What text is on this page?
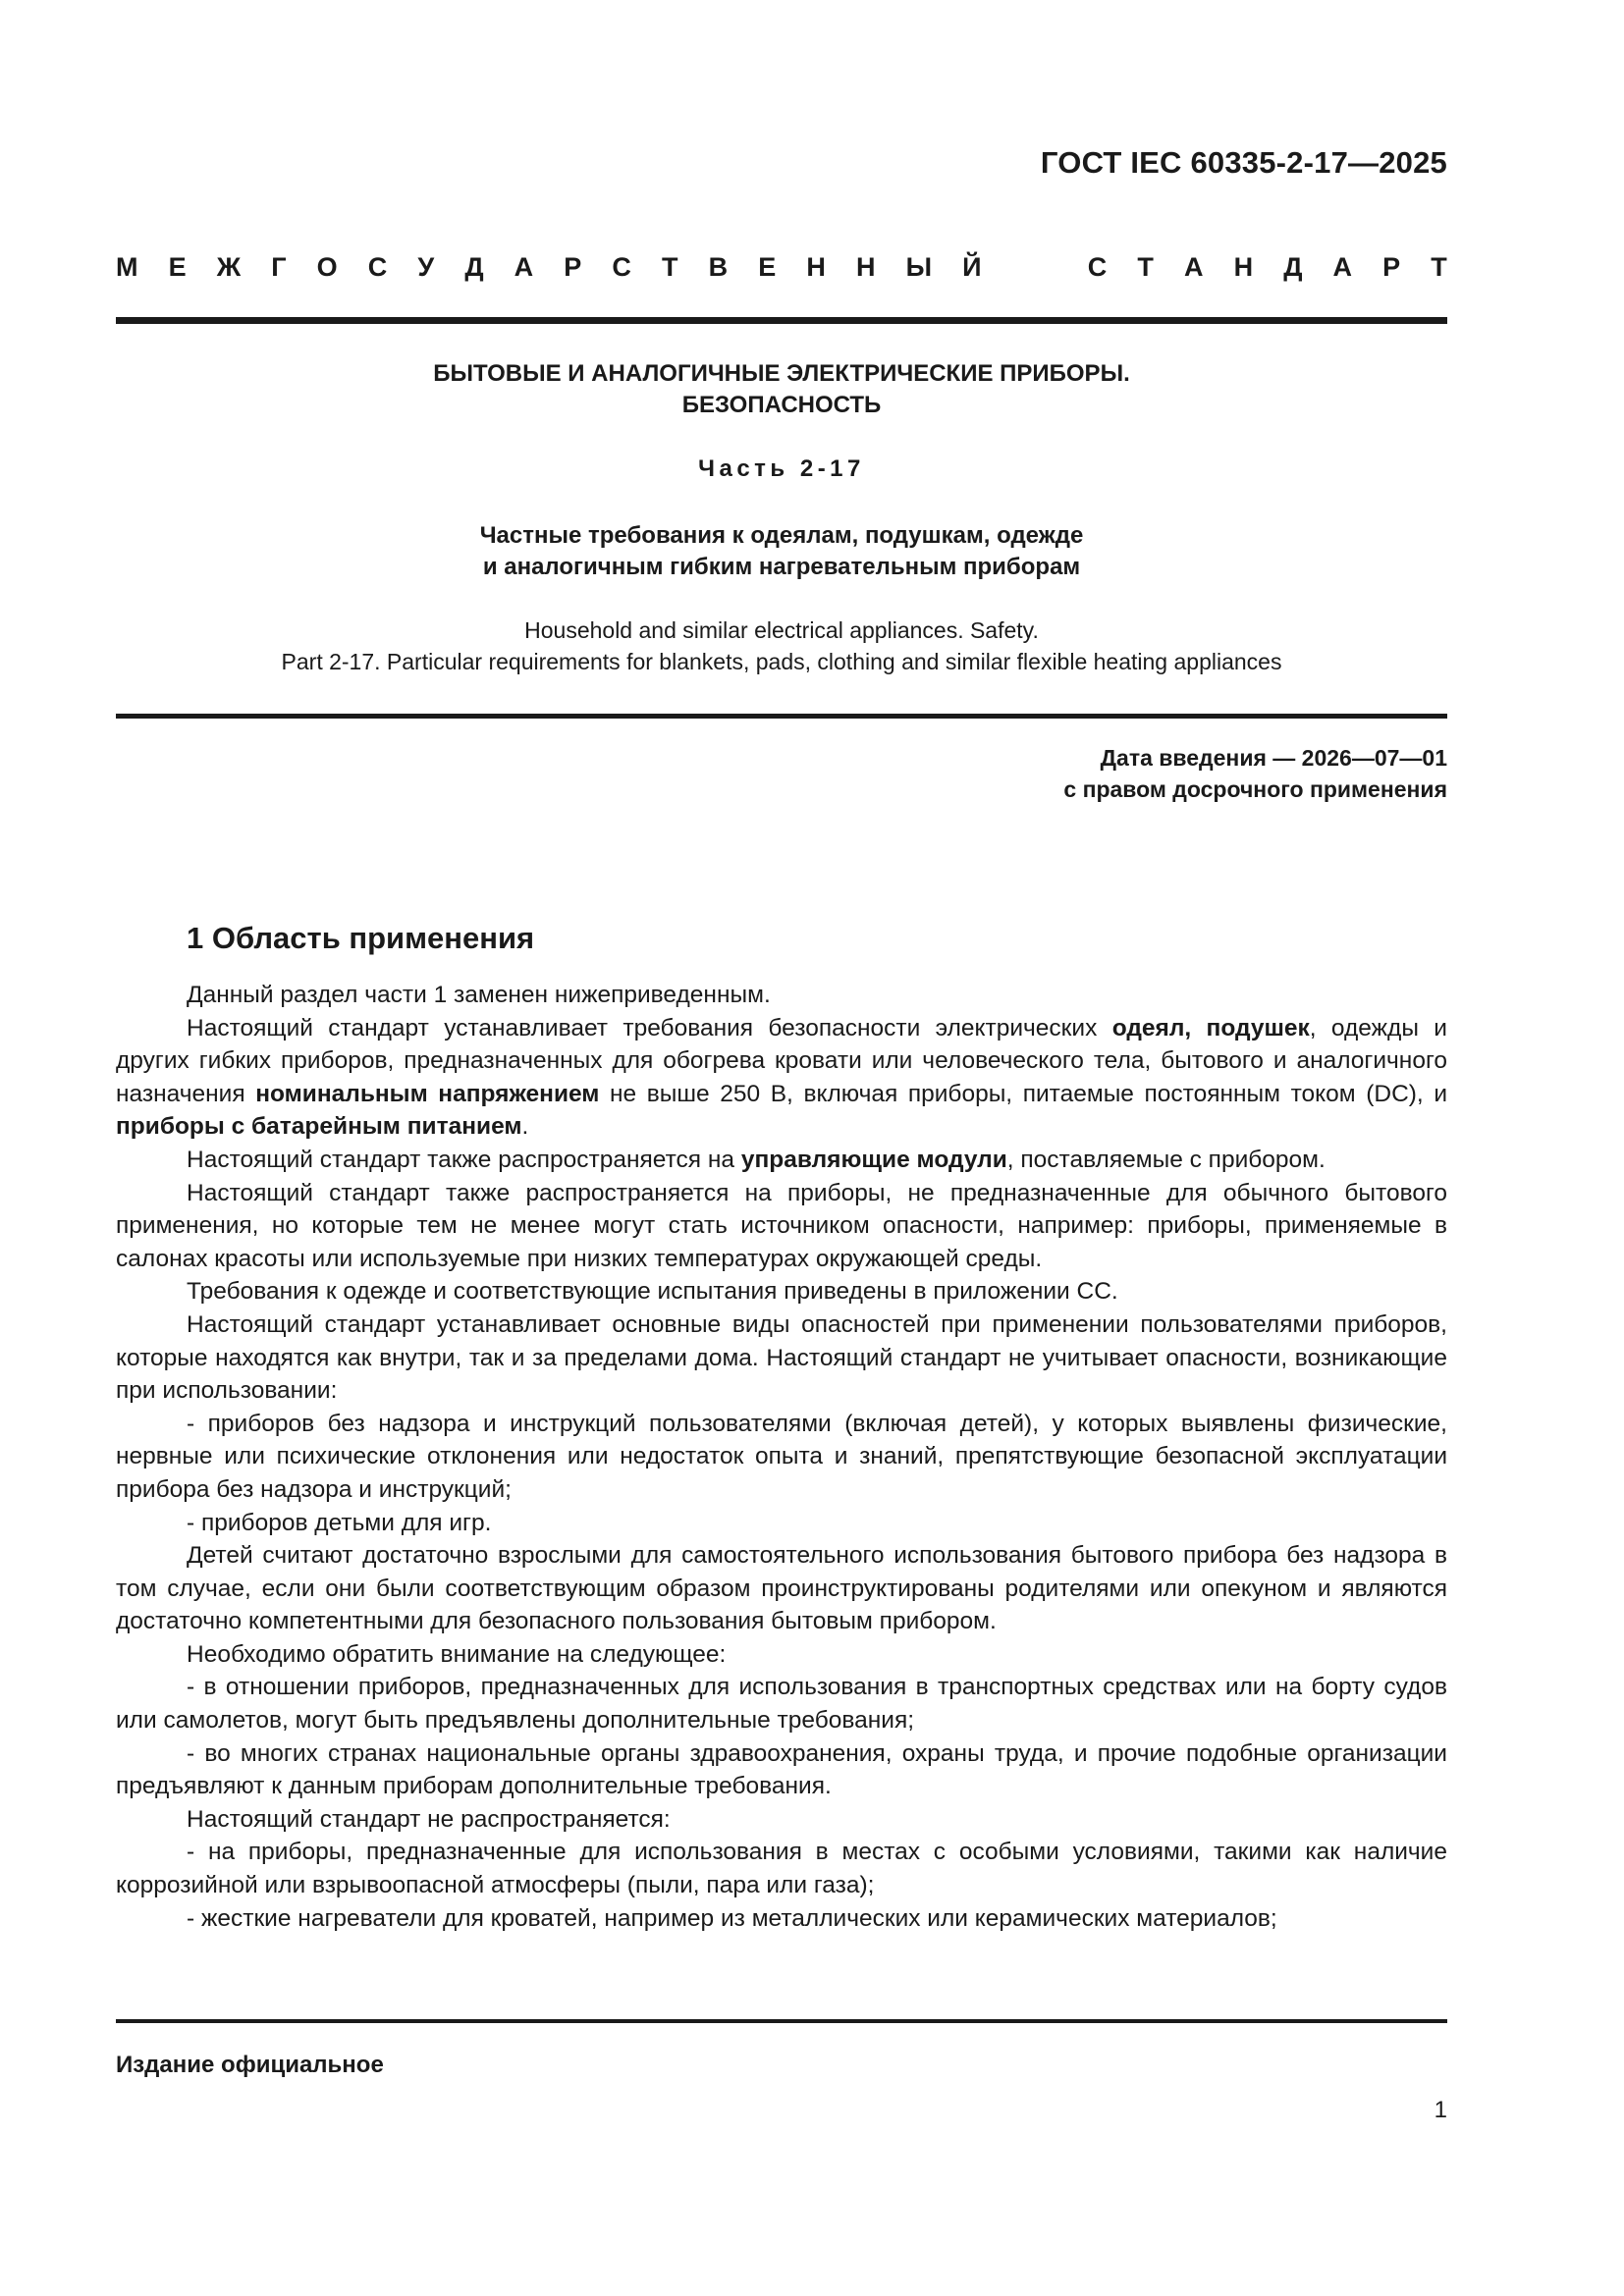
ГОСТ IEC 60335-2-17—2025
М Е Ж Г О С У Д А Р С Т В Е Н Н Ы Й	С Т А Н Д А Р Т
БЫТОВЫЕ И АНАЛОГИЧНЫЕ ЭЛЕКТРИЧЕСКИЕ ПРИБОРЫ.
БЕЗОПАСНОСТЬ
Часть 2-17
Частные требования к одеялам, подушкам, одежде
и аналогичным гибким нагревательным приборам
Household and similar electrical appliances. Safety.
Part 2-17. Particular requirements for blankets, pads, clothing and similar flexible heating appliances
Дата введения — 2026—07—01
с правом досрочного применения
1 Область применения

Данный раздел части 1 заменен нижеприведенным.

Настоящий стандарт устанавливает требования безопасности электрических одеял, подушек, одежды и других гибких приборов, предназначенных для обогрева кровати или человеческого тела, бытового и аналогичного назначения номинальным напряжением не выше 250 В, включая приборы, питаемые постоянным током (DC), и приборы с батарейным питанием.

Настоящий стандарт также распространяется на управляющие модули, поставляемые с прибором.

Настоящий стандарт также распространяется на приборы, не предназначенные для обычного бытового применения, но которые тем не менее могут стать источником опасности, например: приборы, применяемые в салонах красоты или используемые при низких температурах окружающей среды.

Требования к одежде и соответствующие испытания приведены в приложении СС.

Настоящий стандарт устанавливает основные виды опасностей при применении пользователями приборов, которые находятся как внутри, так и за пределами дома. Настоящий стандарт не учитывает опасности, возникающие при использовании:

- приборов без надзора и инструкций пользователями (включая детей), у которых выявлены физические, нервные или психические отклонения или недостаток опыта и знаний, препятствующие безопасной эксплуатации прибора без надзора и инструкций;

- приборов детьми для игр.

Детей считают достаточно взрослыми для самостоятельного использования бытового прибора без надзора в том случае, если они были соответствующим образом проинструктированы родителями или опекуном и являются достаточно компетентными для безопасного пользования бытовым прибором.

Необходимо обратить внимание на следующее:

- в отношении приборов, предназначенных для использования в транспортных средствах или на борту судов или самолетов, могут быть предъявлены дополнительные требования;

- во многих странах национальные органы здравоохранения, охраны труда, и прочие подобные организации предъявляют к данным приборам дополнительные требования.

Настоящий стандарт не распространяется:

- на приборы, предназначенные для использования в местах с особыми условиями, такими как наличие коррозийной или взрывоопасной атмосферы (пыли, пара или газа);

- жесткие нагреватели для кроватей, например из металлических или керамических материалов;

Издание официальное
1
